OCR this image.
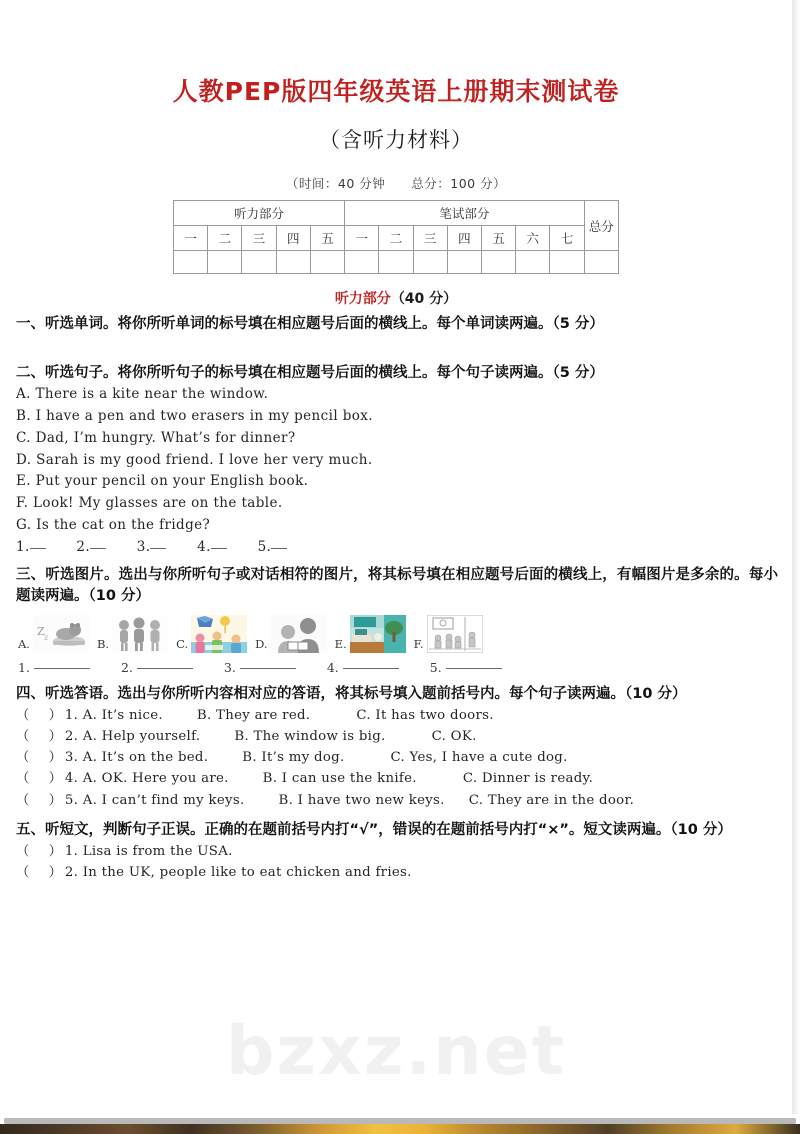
bzxz.net
人教PEP版四年级英语上册期末测试卷
（含听力材料）
（时间：40 分钟　　总分：100 分）
听力部分					笔试部分							总分
一	二	三	四	五	一	二	三	四	五	六	七	

听力部分（40 分）
一、听选单词。将你所听单词的标号填在相应题号后面的横线上。每个单词读两遍。（5 分）
二、听选句子。将你所听句子的标号填在相应题号后面的横线上。每个句子读两遍。（5 分）
A. There is a kite near the window.
B. I have a pen and two erasers in my pencil box.
C. Dad, I’m hungry. What’s for dinner?
D. Sarah is my good friend. I love her very much.
E. Put your pencil on your English book.
F. Look! My glasses are on the table.
G. Is the cat on the fridge?
1.	2.	3.	4.	5.
三、听选图片。选出与你所听句子或对话相符的图片，将其标号填在相应题号后面的横线上，有幅图片是多余的。每小题读两遍。（10 分）
A.
Z z	B.	C.	D.	E.	F.
1.	2.	3.	4.	5.
四、听选答语。选出与你所听内容相对应的答语，将其标号填入题前括号内。每个句子读两遍。（10 分）
（　）1. A. It’s nice.	B. They are red.	C. It has two doors.
（　）2. A. Help yourself.	B. The window is big.	C. OK.
（　）3. A. It’s on the bed.	B. It’s my dog.	C. Yes, I have a cute dog.
（　）4. A. OK. Here you are.	B. I can use the knife.	C. Dinner is ready.
（　）5. A. I can’t find my keys.	B. I have two new keys. C. They are in the door.
五、听短文，判断句子正误。正确的在题前括号内打“√”，错误的在题前括号内打“×”。短文读两遍。（10 分）
（　）1. Lisa is from the USA.
（　）2. In the UK, people like to eat chicken and fries.
